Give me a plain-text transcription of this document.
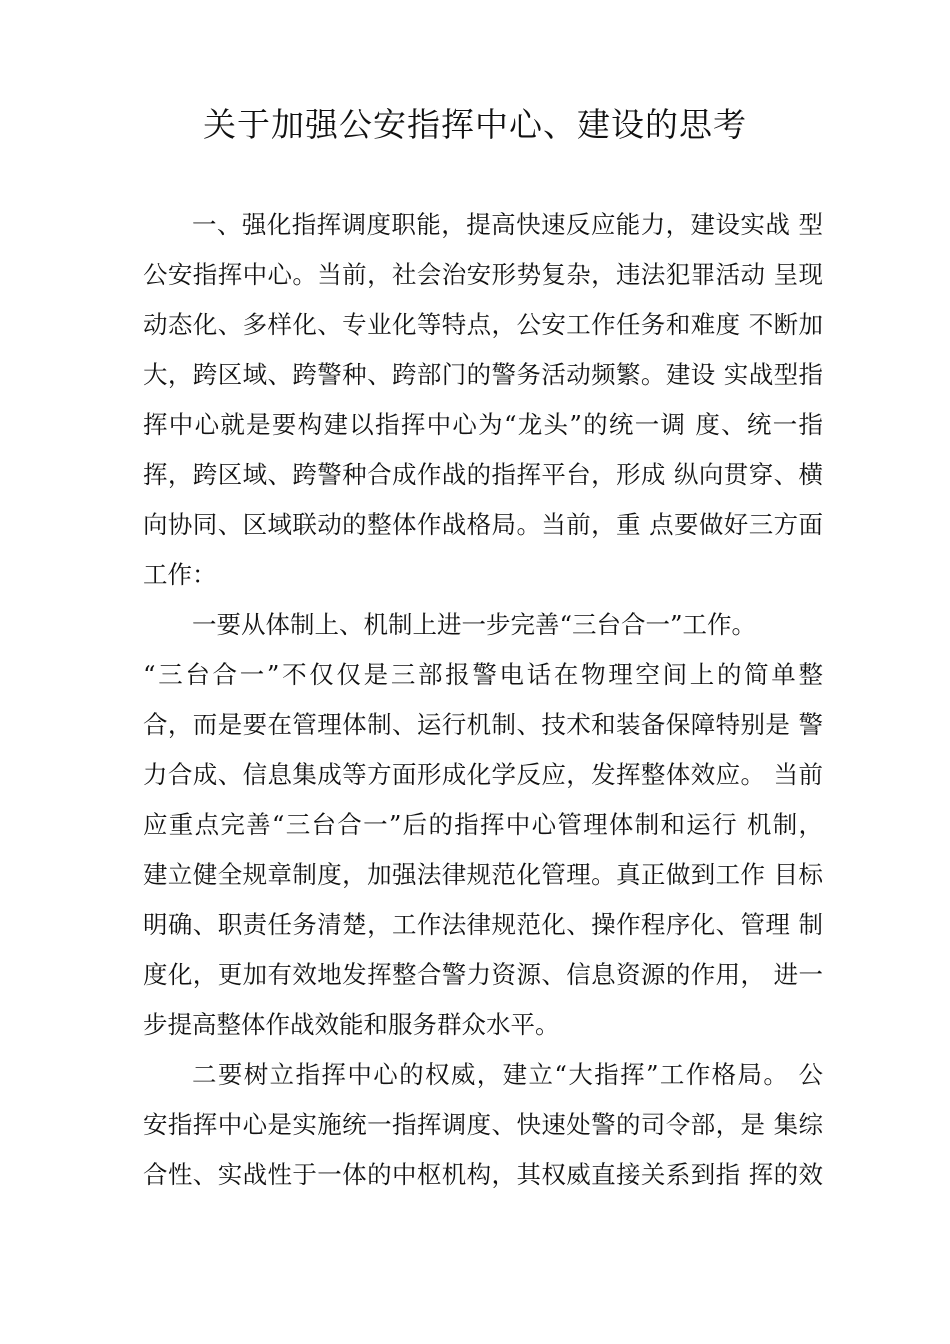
关于加强公安指挥中心、建设的思考
一、强化指挥调度职能，提高快速反应能力，建设实战 型
公安指挥中心。当前，社会治安形势复杂，违法犯罪活动 呈现
动态化、多样化、专业化等特点，公安工作任务和难度 不断加
大，跨区域、跨警种、跨部门的警务活动频繁。建设 实战型指
挥中心就是要构建以指挥中心为“龙头”的统一调 度、统一指
挥，跨区域、跨警种合成作战的指挥平台，形成 纵向贯穿、横
向协同、区域联动的整体作战格局。当前，重 点要做好三方面
工作：
一要从体制上、机制上进一步完善“三台合一”工作。
“三台合一”不仅仅是三部报警电话在物理空间上的简单整
合，而是要在管理体制、运行机制、技术和装备保障特别是 警
力合成、信息集成等方面形成化学反应，发挥整体效应。 当前
应重点完善“三台合一”后的指挥中心管理体制和运行 机制，
建立健全规章制度，加强法律规范化管理。真正做到工作 目标
明确、职责任务清楚，工作法律规范化、操作程序化、管理 制
度化，更加有效地发挥整合警力资源、信息资源的作用， 进一
步提高整体作战效能和服务群众水平。
二要树立指挥中心的权威，建立“大指挥”工作格局。 公
安指挥中心是实施统一指挥调度、快速处警的司令部，是 集综
合性、实战性于一体的中枢机构，其权威直接关系到指 挥的效
